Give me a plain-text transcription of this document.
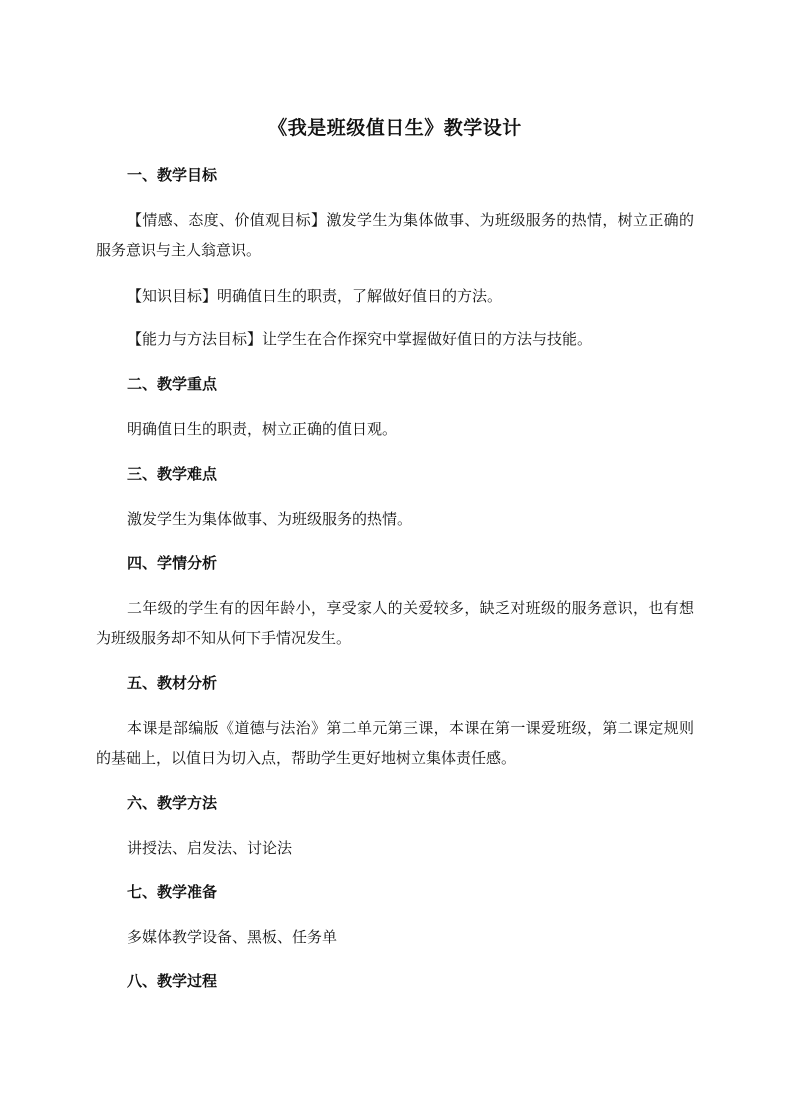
《我是班级值日生》教学设计
一、教学目标
【情感、态度、价值观目标】激发学生为集体做事、为班级服务的热情，树立正确的服务意识与主人翁意识。
【知识目标】明确值日生的职责，了解做好值日的方法。
【能力与方法目标】让学生在合作探究中掌握做好值日的方法与技能。
二、教学重点
明确值日生的职责，树立正确的值日观。
三、教学难点
激发学生为集体做事、为班级服务的热情。
四、学情分析
二年级的学生有的因年龄小，享受家人的关爱较多，缺乏对班级的服务意识，也有想为班级服务却不知从何下手情况发生。
五、教材分析
本课是部编版《道德与法治》第二单元第三课，本课在第一课爱班级，第二课定规则的基础上，以值日为切入点，帮助学生更好地树立集体责任感。
六、教学方法
讲授法、启发法、讨论法
七、教学准备
多媒体教学设备、黑板、任务单
八、教学过程
